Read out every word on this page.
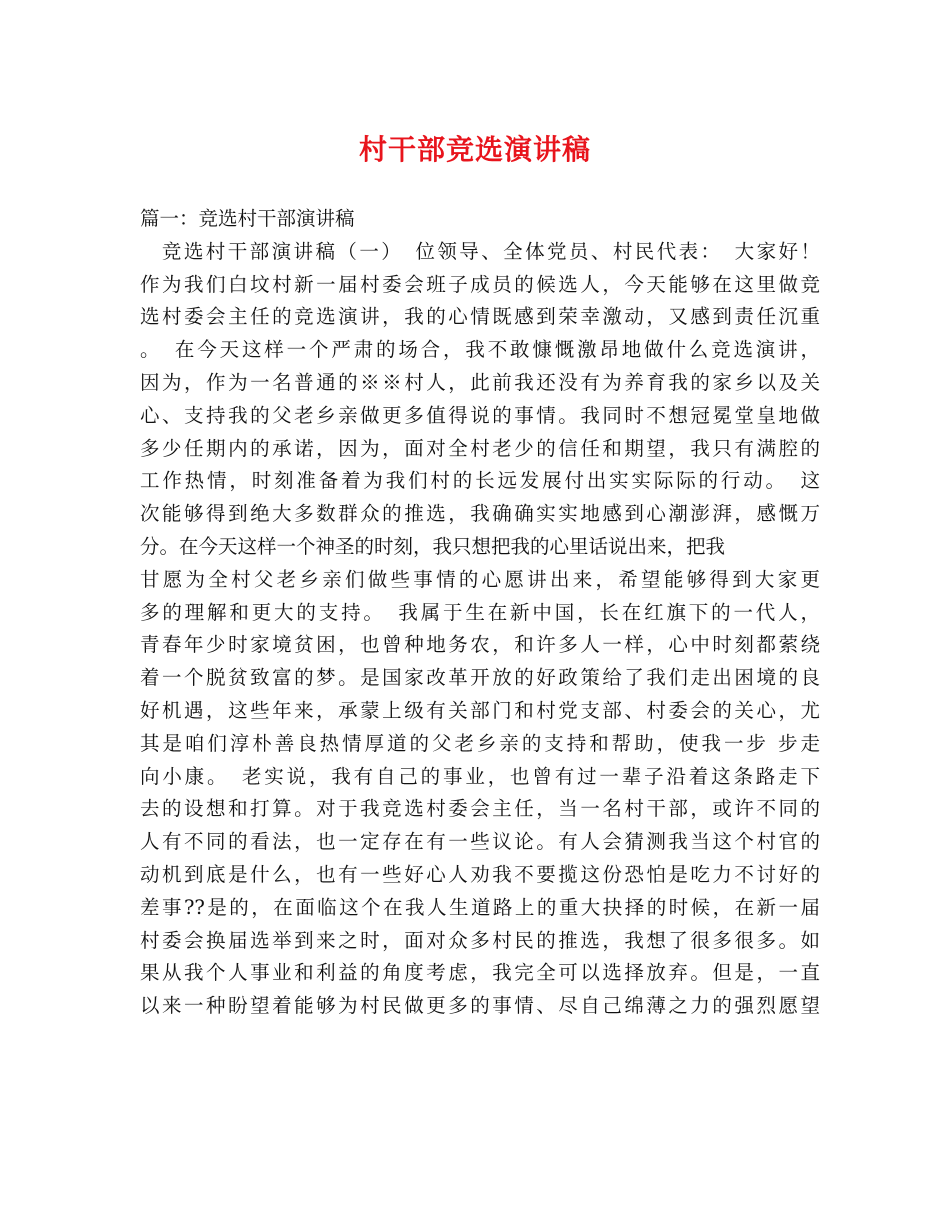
村干部竞选演讲稿
篇一：竞选村干部演讲稿
　竞选村干部演讲稿（一）　位领导、全体党员、村民代表：　大家好！
作为我们白坟村新一届村委会班子成员的候选人，今天能够在这里做竞
选村委会主任的竞选演讲，我的心情既感到荣幸激动，又感到责任沉重
。　在今天这样一个严肃的场合，我不敢慷慨激昂地做什么竞选演讲，
因为，作为一名普通的※※村人，此前我还没有为养育我的家乡以及关
心、支持我的父老乡亲做更多值得说的事情。我同时不想冠冕堂皇地做
多少任期内的承诺，因为，面对全村老少的信任和期望，我只有满腔的
工作热情，时刻准备着为我们村的长远发展付出实实际际的行动。　这
次能够得到绝大多数群众的推选，我确确实实地感到心潮澎湃，感慨万
分。在今天这样一个神圣的时刻，我只想把我的心里话说出来，把我
甘愿为全村父老乡亲们做些事情的心愿讲出来，希望能够得到大家更
多的理解和更大的支持。　我属于生在新中国，长在红旗下的一代人，
青春年少时家境贫困，也曾种地务农，和许多人一样，心中时刻都萦绕
着一个脱贫致富的梦。是国家改革开放的好政策给了我们走出困境的良
好机遇，这些年来，承蒙上级有关部门和村党支部、村委会的关心，尤
其是咱们淳朴善良热情厚道的父老乡亲的支持和帮助，使我一步 步走
向小康。　老实说，我有自己的事业，也曾有过一辈子沿着这条路走下
去的设想和打算。对于我竞选村委会主任，当一名村干部，或许不同的
人有不同的看法，也一定存在有一些议论。有人会猜测我当这个村官的
动机到底是什么，也有一些好心人劝我不要揽这份恐怕是吃力不讨好的
差事??是的，在面临这个在我人生道路上的重大抉择的时候，在新一届
村委会换届选举到来之时，面对众多村民的推选，我想了很多很多。如
果从我个人事业和利益的角度考虑，我完全可以选择放弃。但是，一直
以来一种盼望着能够为村民做更多的事情、尽自己绵薄之力的强烈愿望
